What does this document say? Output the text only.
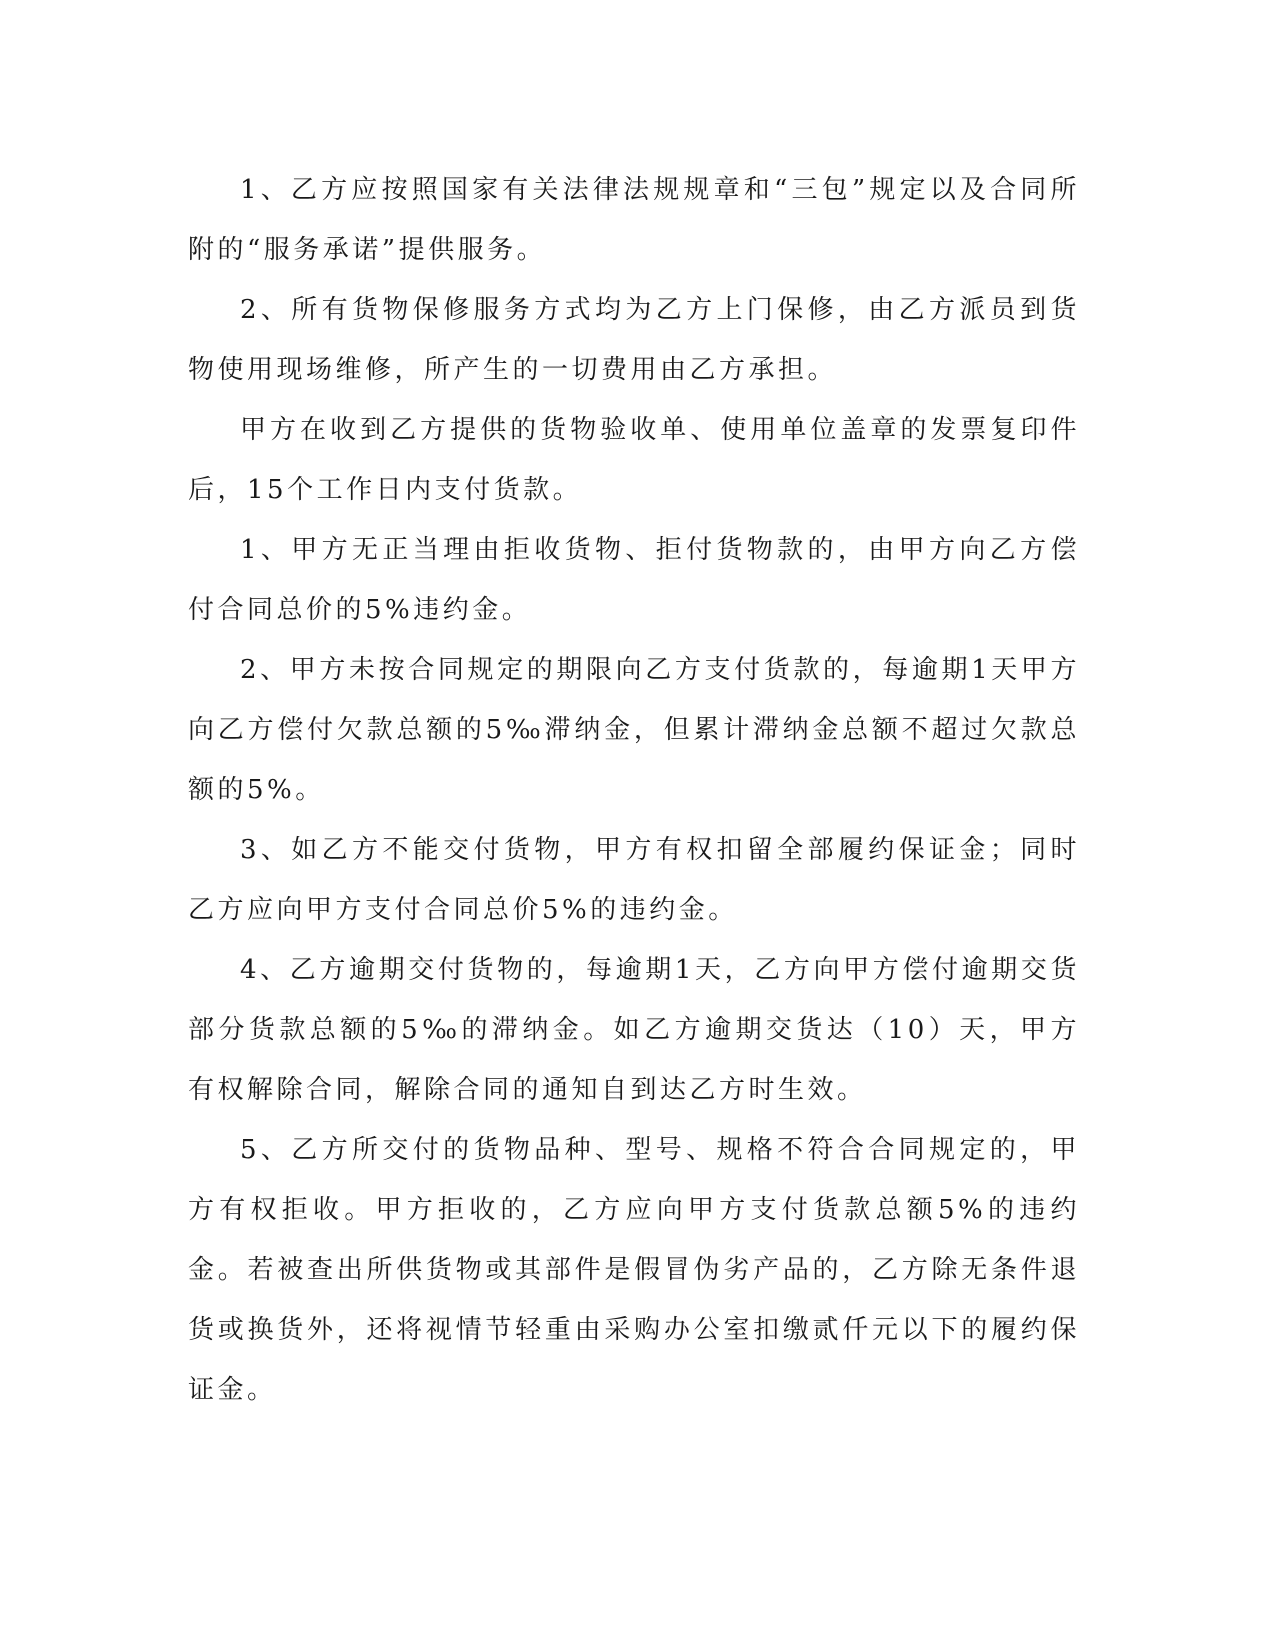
1、乙方应按照国家有关法律法规规章和“三包”规定以及合同所附的“服务承诺”提供服务。

2、所有货物保修服务方式均为乙方上门保修，由乙方派员到货物使用现场维修，所产生的一切费用由乙方承担。

甲方在收到乙方提供的货物验收单、使用单位盖章的发票复印件后，15个工作日内支付货款。

1、甲方无正当理由拒收货物、拒付货物款的，由甲方向乙方偿付合同总价的5%违约金。

2、甲方未按合同规定的期限向乙方支付货款的，每逾期1天甲方向乙方偿付欠款总额的5‰滞纳金，但累计滞纳金总额不超过欠款总额的5%。

3、如乙方不能交付货物，甲方有权扣留全部履约保证金；同时乙方应向甲方支付合同总价5%的违约金。

4、乙方逾期交付货物的，每逾期1天，乙方向甲方偿付逾期交货部分货款总额的5‰的滞纳金。如乙方逾期交货达（10）天，甲方有权解除合同，解除合同的通知自到达乙方时生效。

5、乙方所交付的货物品种、型号、规格不符合合同规定的，甲方有权拒收。甲方拒收的，乙方应向甲方支付货款总额5%的违约金。若被查出所供货物或其部件是假冒伪劣产品的，乙方除无条件退货或换货外，还将视情节轻重由采购办公室扣缴贰仟元以下的履约保证金。
